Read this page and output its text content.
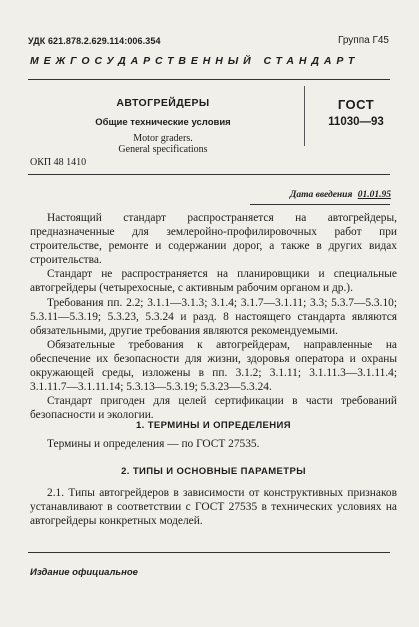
УДК 621.878.2.629.114:006.354	Группа Г45
МЕЖГОСУДАРСТВЕННЫЙ СТАНДАРТ
АВТОГРЕЙДЕРЫ
Общие технические условия
Motor graders.
General specifications
ГОСТ
11030—93
ОКП 48 1410
Дата введения 01.01.95

Настоящий стандарт распространяется на автогрейдеры, предназначенные для землеройно-профилировочных работ при строительстве, ремонте и содержании дорог, а также в других видах строительства.

Стандарт не распространяется на планировщики и специальные автогрейдеры (четырехосные, с активным рабочим органом и др.).

Требования пп. 2.2; 3.1.1—3.1.3; 3.1.4; 3.1.7—3.1.11; 3.3; 5.3.7—5.3.10; 5.3.11—5.3.19; 5.3.23, 5.3.24 и разд. 8 настоящего стандарта являются обязательными, другие требования являются рекомендуемыми.

Обязательные требования к автогрейдерам, направленные на обеспечение их безопасности для жизни, здоровья оператора и охраны окружающей среды, изложены в пп. 3.1.2; 3.1.11; 3.1.11.3—3.1.11.4; 3.1.11.7—3.1.11.14; 5.3.13—5.3.19; 5.3.23—5.3.24.

Стандарт пригоден для целей сертификации в части требований безопасности и экологии.

1. ТЕРМИНЫ И ОПРЕДЕЛЕНИЯ

Термины и определения — по ГОСТ 27535.

2. ТИПЫ И ОСНОВНЫЕ ПАРАМЕТРЫ

2.1. Типы автогрейдеров в зависимости от конструктивных признаков устанавливают в соответствии с ГОСТ 27535 в технических условиях на автогрейдеры конкретных моделей.

Издание официальное
